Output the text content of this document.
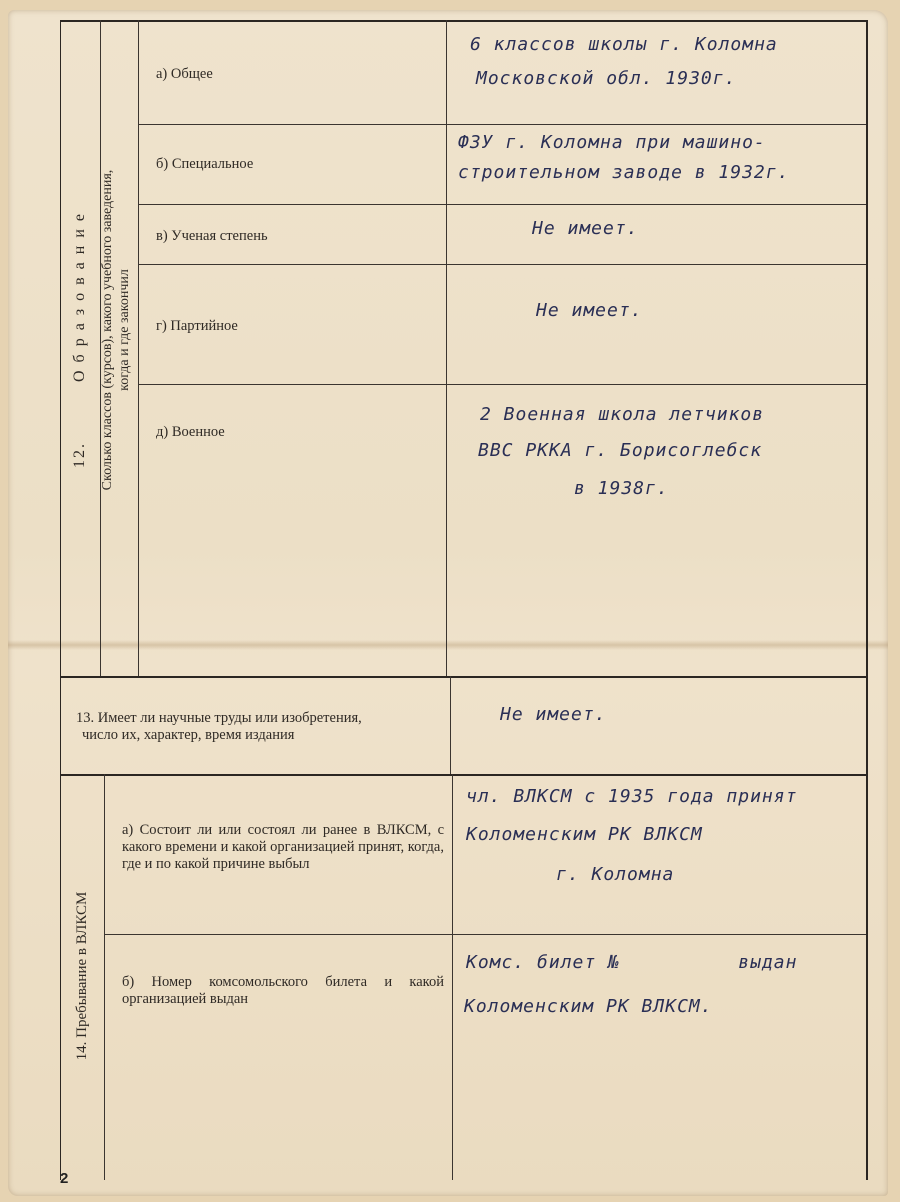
12.О б р а з о в а н и е Сколько классов (курсов), какого учебного заведения, когда и где закончил
а) Общее
б) Специальное
в) Ученая степень
г) Партийное
д) Военное
6 классов школы г. Коломна
Московской обл. 1930г.
ФЗУ г. Коломна при машино-
строительном заводе в 1932г.
Не имеет.
Не имеет.
2 Военная школа летчиков
ВВС РККА г. Борисоглебск
в 1938г.
13. Имеет ли научные труды или изобретения,
число их, характер, время издания
Не имеет.
14. Пребывание в ВЛКСМ
а) Состоит ли или состоял ли ранее в ВЛКСМ, с какого времени и какой организацией принят, когда, где и по какой причине выбыл
чл. ВЛКСМ с 1935 года принят
Коломенским РК ВЛКСМ
г. Коломна
б) Номер комсомольского билета и какой организацией выдан
Комс. билет №          выдан
Коломенским РК ВЛКСМ.
2
